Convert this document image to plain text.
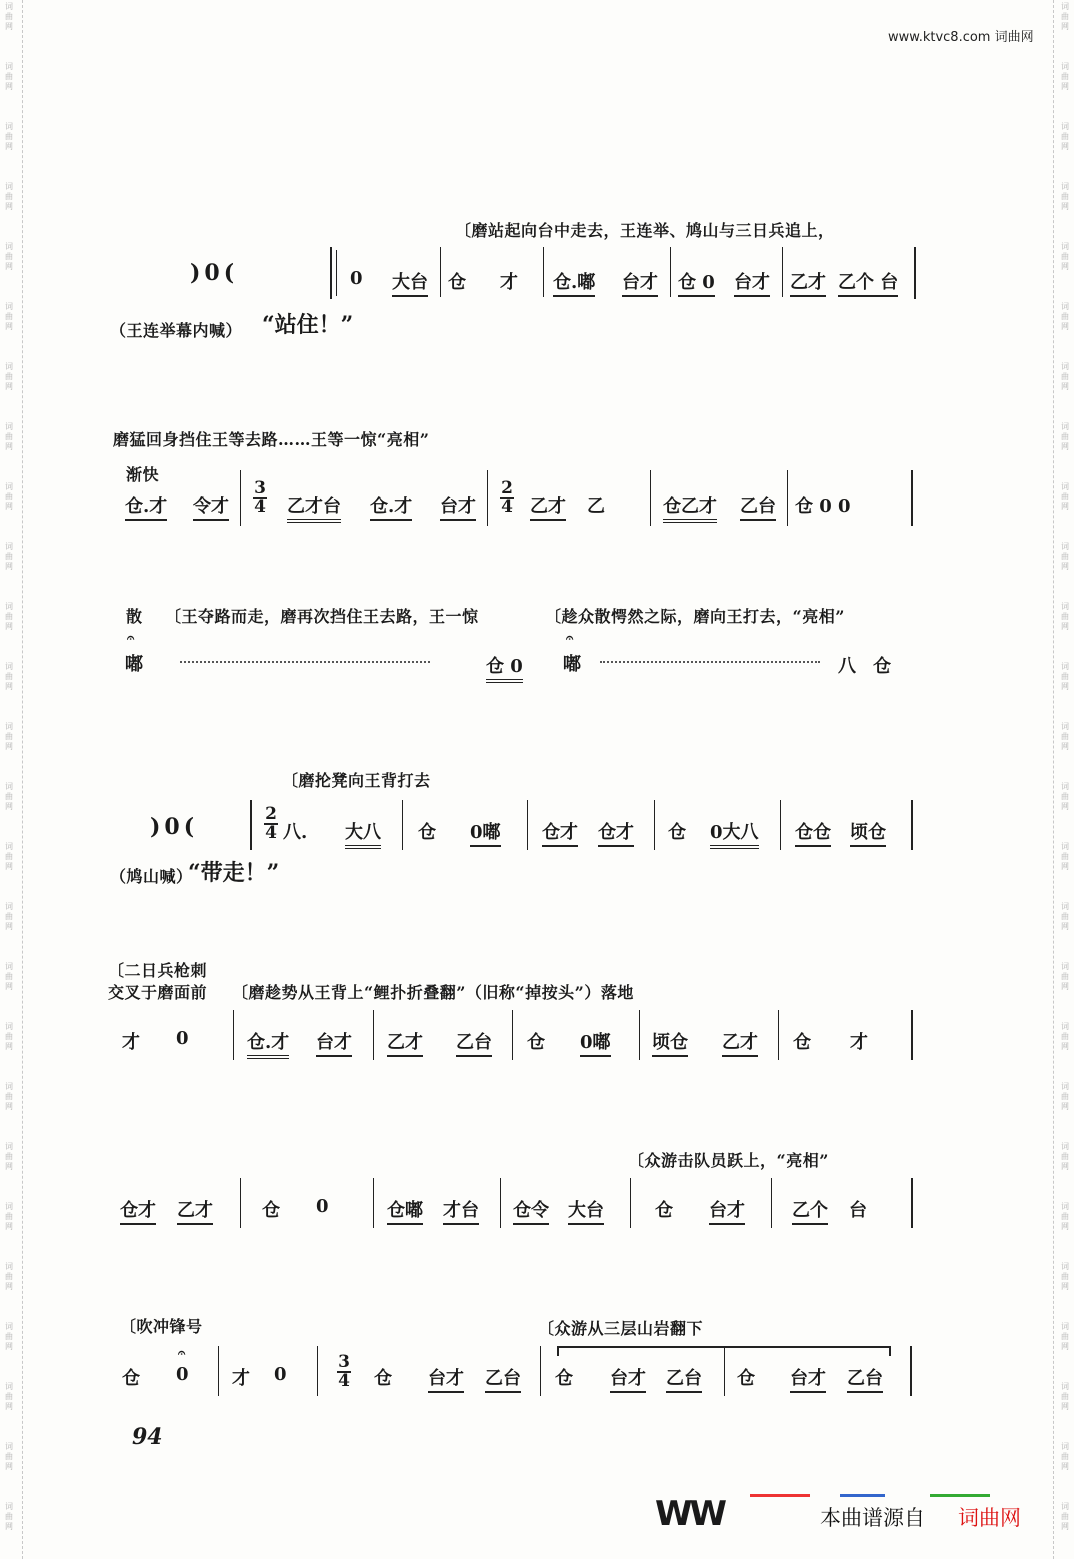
词
曲
网
词
曲
网
词
曲
网
词
曲
网
词
曲
网
词
曲
网
词
曲
网
词
曲
网
词
曲
网
词
曲
网
词
曲
网
词
曲
网
词
曲
网
词
曲
网
词
曲
网
词
曲
网
词
曲
网
词
曲
网
词
曲
网
词
曲
网
词
曲
网
词
曲
网
词
曲
网
词
曲
网
词
曲
网
词
曲
网
词
曲
网
词
曲
网
词
曲
网
词
曲
网
词
曲
网
词
曲
网
词
曲
网
词
曲
网
词
曲
网
词
曲
网
词
曲
网
词
曲
网
词
曲
网
词
曲
网
词
曲
网
词
曲
网
词
曲
网
词
曲
网
词
曲
网
词
曲
网
词
曲
网
词
曲
网
词
曲
网
词
曲
网
词
曲
网
词
曲
网
www.ktvc8.com 词曲网
〔磨站起向台中走去，王连举、鸠山与三日兵追上，
)0(	0 大台 仓 才 仓.嘟 台才 仓 0 台才 乙才 乙个 台
（王连举幕内喊） “站住！”
磨猛回身挡住王等去路……王等一惊“亮相”
渐快
仓.才 令才 $\frac{3}{4}$ 乙才台 仓.才 台才 $\frac{2}{4}$ 乙才 乙	仓乙才 乙台 仓 0 0
散 〔王夺路而走，磨再次挡住王去路，王一惊	〔趁众散愕然之际，磨向王打去，“亮相”
𝄐
嘟	仓 0
𝄐
嘟	八 仓
〔磨抡凳向王背打去
)0(	$\frac{2}{4}$ 八. 大八 仓 0嘟 仓才 仓才 仓 0大八 仓仓 顷仓
（鸠山喊）
“带走！”
〔二日兵枪刺
交叉于磨面前 〔磨趁势从王背上“鲤扑折叠翻”（旧称“掉按头”）落地
才 0	仓.才 台才 乙才 乙台 仓 0嘟 顷仓 乙才 仓 才
〔众游击队员跃上，“亮相”
仓才 乙才	仓 0	仓嘟 才台 仓令 大台	仓 台才	乙个 台
〔吹冲锋号	〔众游从三层山岩翻下
仓
𝄐
0 才 0	$\frac{3}{4}$ 仓 台才 乙台 仓 台才 乙台 仓 台才 乙台
94
WW	本曲谱源自 词曲网
